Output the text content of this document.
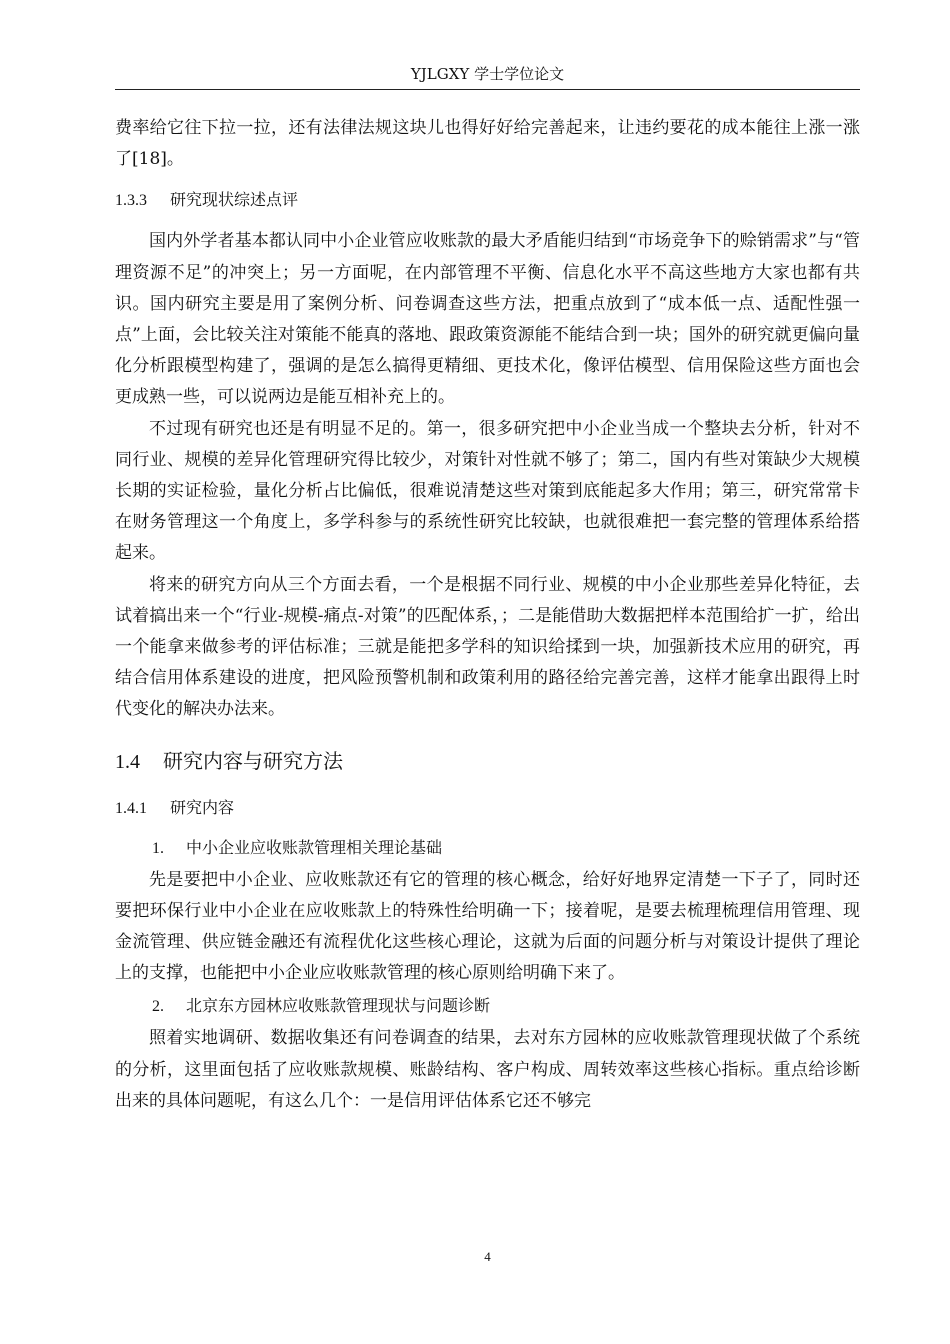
YJLGXY 学士学位论文

费率给它往下拉一拉，还有法律法规这块儿也得好好给完善起来，让违约要花的成本能往上涨一涨了[18]。

1.3.3 研究现状综述点评

国内外学者基本都认同中小企业管应收账款的最大矛盾能归结到“市场竞争下的赊销需求”与“管理资源不足”的冲突上；另一方面呢，在内部管理不平衡、信息化水平不高这些地方大家也都有共识。国内研究主要是用了案例分析、问卷调查这些方法，把重点放到了“成本低一点、适配性强一点”上面，会比较关注对策能不能真的落地、跟政策资源能不能结合到一块；国外的研究就更偏向量化分析跟模型构建了，强调的是怎么搞得更精细、更技术化，像评估模型、信用保险这些方面也会更成熟一些，可以说两边是能互相补充上的。

不过现有研究也还是有明显不足的。第一，很多研究把中小企业当成一个整块去分析，针对不同行业、规模的差异化管理研究得比较少，对策针对性就不够了；第二，国内有些对策缺少大规模长期的实证检验，量化分析占比偏低，很难说清楚这些对策到底能起多大作用；第三，研究常常卡在财务管理这一个角度上，多学科参与的系统性研究比较缺，也就很难把一套完整的管理体系给搭起来。

将来的研究方向从三个方面去看，一个是根据不同行业、规模的中小企业那些差异化特征，去试着搞出来一个“行业-规模-痛点-对策”的匹配体系，；二是能借助大数据把样本范围给扩一扩，给出一个能拿来做参考的评估标准；三就是能把多学科的知识给揉到一块，加强新技术应用的研究，再结合信用体系建设的进度，把风险预警机制和政策利用的路径给完善完善，这样才能拿出跟得上时代变化的解决办法来。

1.4 研究内容与研究方法
1.4.1 研究内容
1. 中小企业应收账款管理相关理论基础

先是要把中小企业、应收账款还有它的管理的核心概念，给好好地界定清楚一下子了，同时还要把环保行业中小企业在应收账款上的特殊性给明确一下；接着呢，是要去梳理梳理信用管理、现金流管理、供应链金融还有流程优化这些核心理论，这就为后面的问题分析与对策设计提供了理论上的支撑，也能把中小企业应收账款管理的核心原则给明确下来了。

2. 北京东方园林应收账款管理现状与问题诊断

照着实地调研、数据收集还有问卷调查的结果，去对东方园林的应收账款管理现状做了个系统的分析，这里面包括了应收账款规模、账龄结构、客户构成、周转效率这些核心指标。重点给诊断出来的具体问题呢，有这么几个：一是信用评估体系它还不够完

4
